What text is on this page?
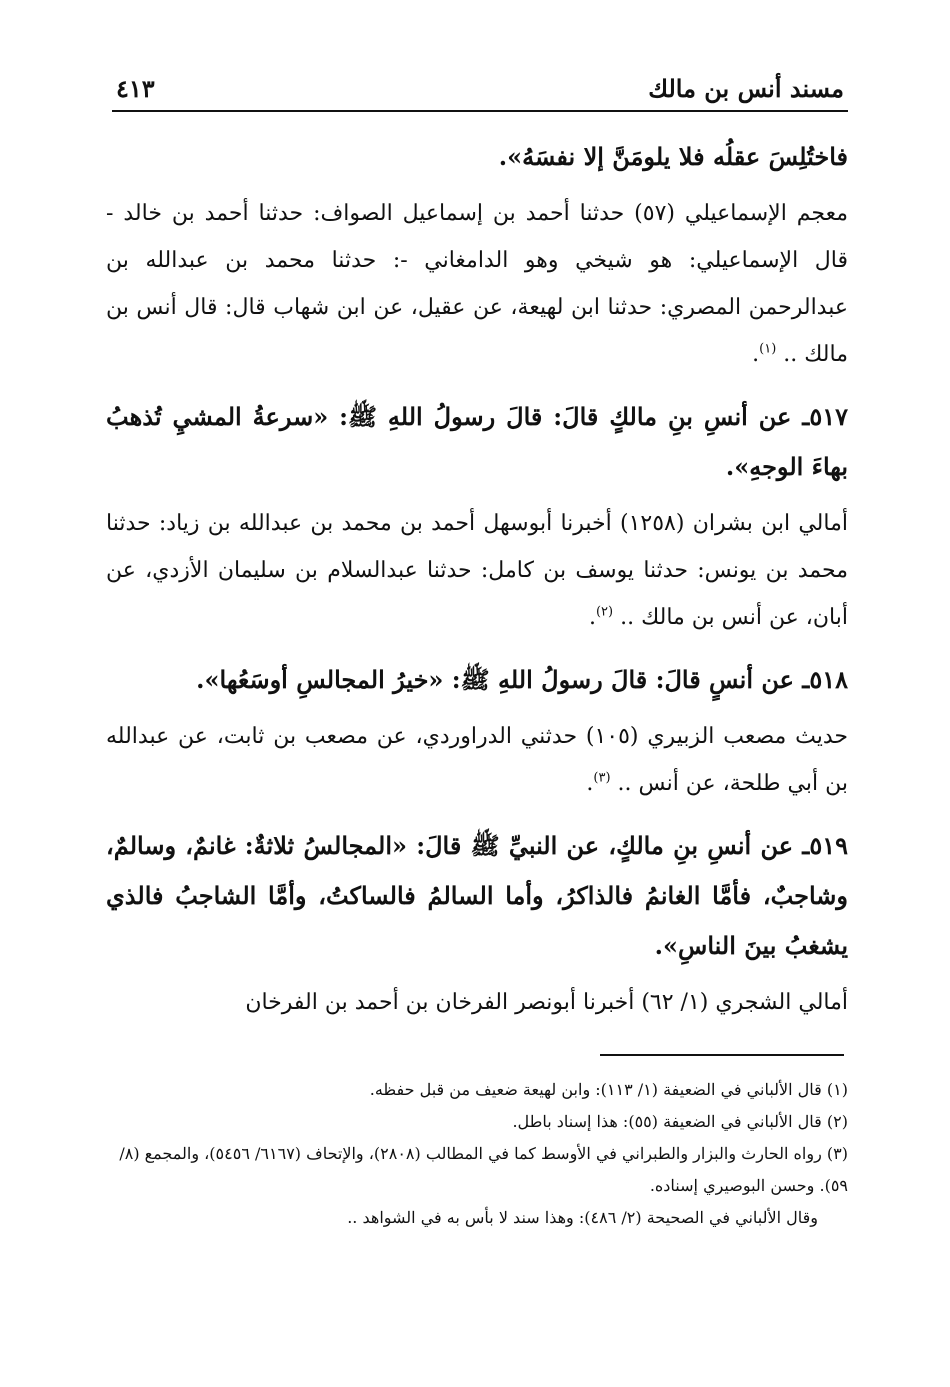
مسند أنس بن مالك
٤١٣

فاختُلِسَ عقلُه فلا يلومَنَّ إلا نفسَهُ».

معجم الإسماعيلي (٥٧) حدثنا أحمد بن إسماعيل الصواف: حدثنا أحمد بن خالد - قال الإسماعيلي: هو شيخي وهو الدامغاني -: حدثنا محمد بن عبدالله بن عبدالرحمن المصري: حدثنا ابن لهيعة، عن عقيل، عن ابن شهاب قال: قال أنس بن مالك .. $^{(١)}$.

٥١٧ـ عن أنسِ بنِ مالكٍ قالَ: قالَ رسولُ اللهِ ﷺ: «سرعةُ المشيِ تُذهبُ بهاءَ الوجهِ».

أمالي ابن بشران (١٢٥٨) أخبرنا أبوسهل أحمد بن محمد بن عبدالله بن زياد: حدثنا محمد بن يونس: حدثنا يوسف بن كامل: حدثنا عبدالسلام بن سليمان الأزدي، عن أبان، عن أنس بن مالك .. $^{(٢)}$.

٥١٨ـ عن أنسٍ قالَ: قالَ رسولُ اللهِ ﷺ: «خيرُ المجالسِ أوسَعُها».

حديث مصعب الزبيري (١٠٥) حدثني الدراوردي، عن مصعب بن ثابت، عن عبدالله بن أبي طلحة، عن أنس .. $^{(٣)}$.

٥١٩ـ عن أنسِ بنِ مالكٍ، عن النبيِّ ﷺ قالَ: «المجالسُ ثلاثةٌ: غانمٌ، وسالمٌ، وشاجبٌ، فأمَّا الغانمُ فالذاكرُ، وأما السالمُ فالساكتُ، وأمَّا الشاجبُ فالذي يشغبُ بينَ الناسِ».

أمالي الشجري (١/ ٦٢) أخبرنا أبونصر الفرخان بن أحمد بن الفرخان

(١) قال الألباني في الضعيفة (١/ ١١٣): وابن لهيعة ضعيف من قبل حفظه.

(٢) قال الألباني في الضعيفة (٥٥): هذا إسناد باطل.

(٣) رواه الحارث والبزار والطبراني في الأوسط كما في المطالب (٢٨٠٨)، والإتحاف (٦١٦٧/ ٥٤٥٦)، والمجمع (٨/ ٥٩). وحسن البوصيري إسناده.

وقال الألباني في الصحيحة (٢/ ٤٨٦): وهذا سند لا بأس به في الشواهد ..
